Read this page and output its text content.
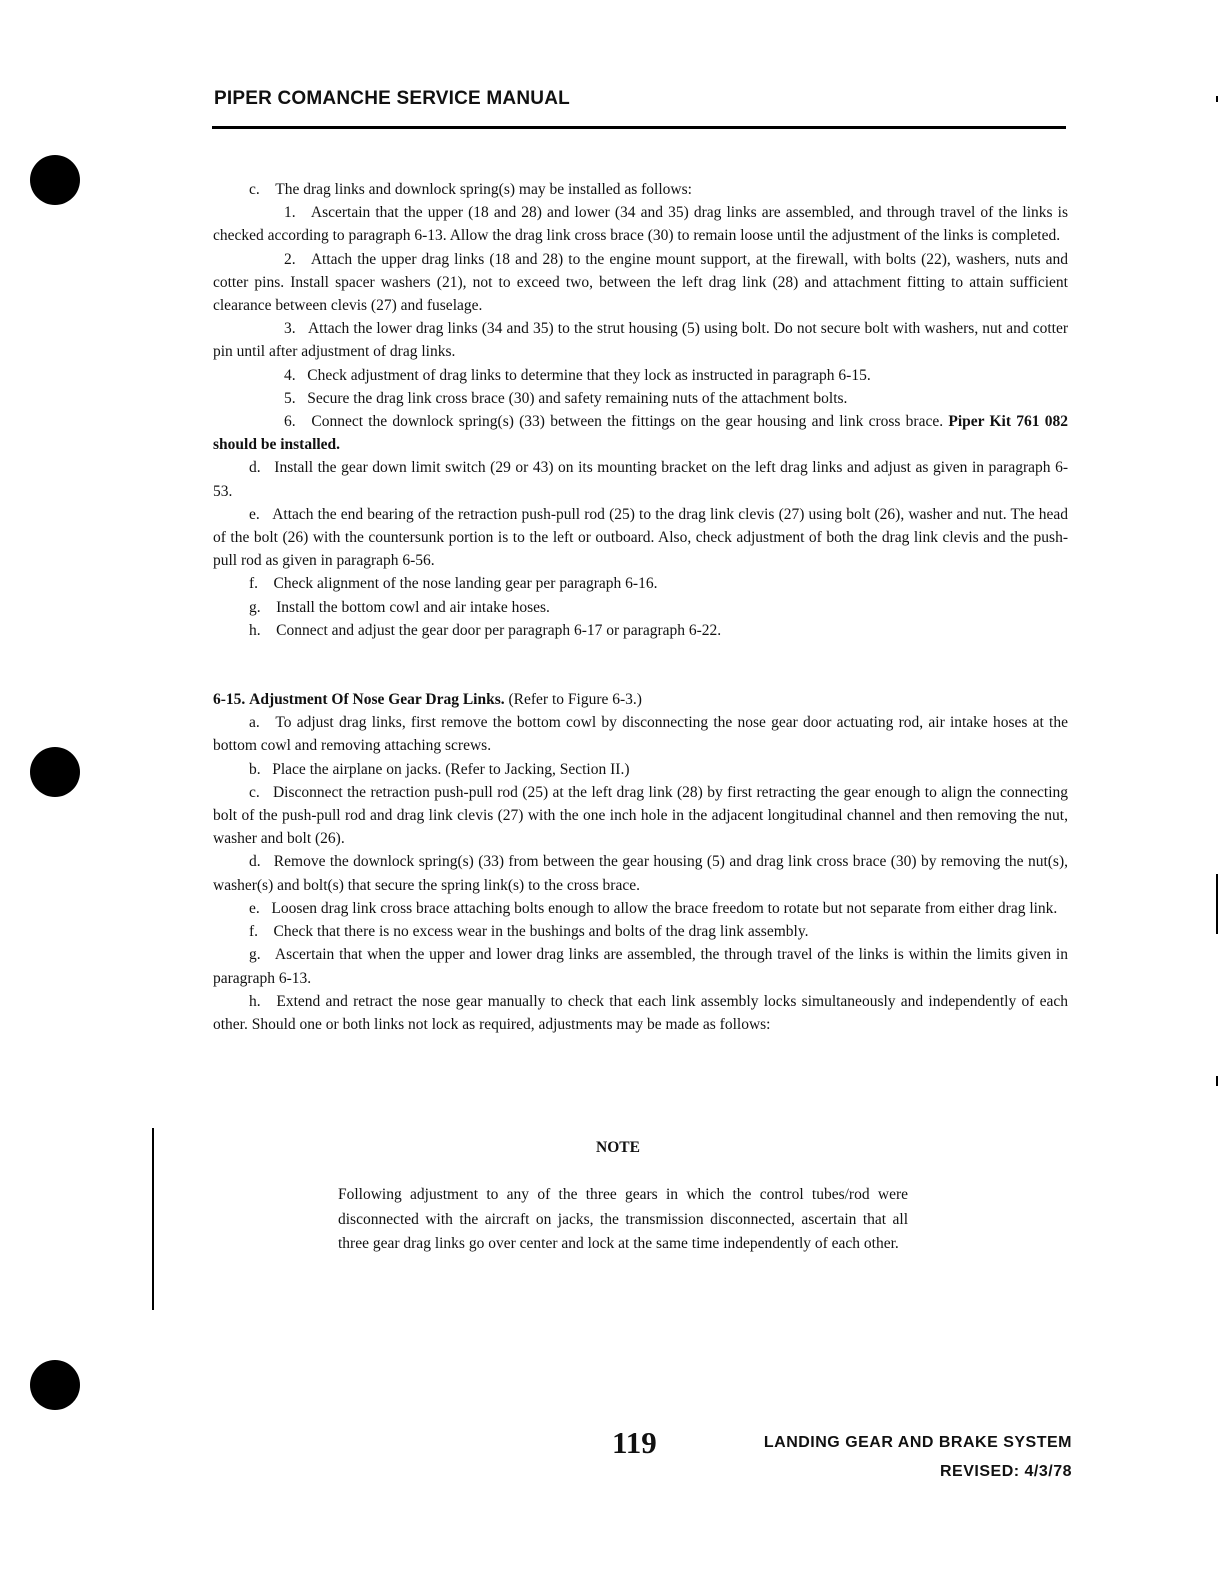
PIPER COMANCHE SERVICE MANUAL

c.    The drag links and downlock spring(s) may be installed as follows:

1.   Ascertain that the upper (18 and 28) and lower (34 and 35) drag links are assembled, and through travel of the links is checked according to paragraph 6-13. Allow the drag link cross brace (30) to remain loose until the adjustment of the links is completed.

2.   Attach the upper drag links (18 and 28) to the engine mount support, at the firewall, with bolts (22), washers, nuts and cotter pins. Install spacer washers (21), not to exceed two, between the left drag link (28) and attachment fitting to attain sufficient clearance between clevis (27) and fuselage.

3.   Attach the lower drag links (34 and 35) to the strut housing (5) using bolt. Do not secure bolt with washers, nut and cotter pin until after adjustment of drag links.

4.   Check adjustment of drag links to determine that they lock as instructed in paragraph 6-15.

5.   Secure the drag link cross brace (30) and safety remaining nuts of the attachment bolts.

6.   Connect the downlock spring(s) (33) between the fittings on the gear housing and link cross brace. Piper Kit 761 082 should be installed.

d.   Install the gear down limit switch (29 or 43) on its mounting bracket on the left drag links and adjust as given in paragraph 6-53.

e.   Attach the end bearing of the retraction push-pull rod (25) to the drag link clevis (27) using bolt (26), washer and nut. The head of the bolt (26) with the countersunk portion is to the left or outboard. Also, check adjustment of both the drag link clevis and the push-pull rod as given in paragraph 6-56.

f.    Check alignment of the nose landing gear per paragraph 6-16.

g.    Install the bottom cowl and air intake hoses.

h.    Connect and adjust the gear door per paragraph 6-17 or paragraph 6-22.

6-15. Adjustment Of Nose Gear Drag Links. (Refer to Figure 6-3.)

a.   To adjust drag links, first remove the bottom cowl by disconnecting the nose gear door actuating rod, air intake hoses at the bottom cowl and removing attaching screws.

b.   Place the airplane on jacks. (Refer to Jacking, Section II.)

c.   Disconnect the retraction push-pull rod (25) at the left drag link (28) by first retracting the gear enough to align the connecting bolt of the push-pull rod and drag link clevis (27) with the one inch hole in the adjacent longitudinal channel and then removing the nut, washer and bolt (26).

d.   Remove the downlock spring(s) (33) from between the gear housing (5) and drag link cross brace (30) by removing the nut(s), washer(s) and bolt(s) that secure the spring link(s) to the cross brace.

e.   Loosen drag link cross brace attaching bolts enough to allow the brace freedom to rotate but not separate from either drag link.

f.    Check that there is no excess wear in the bushings and bolts of the drag link assembly.

g.   Ascertain that when the upper and lower drag links are assembled, the through travel of the links is within the limits given in paragraph 6-13.

h.   Extend and retract the nose gear manually to check that each link assembly locks simultaneously and independently of each other. Should one or both links not lock as required, adjustments may be made as follows:

NOTE
Following adjustment to any of the three gears in which the control tubes/rod were disconnected with the aircraft on jacks, the transmission disconnected, ascertain that all three gear drag links go over center and lock at the same time independently of each other.
119	LANDING GEAR AND BRAKE SYSTEM
REVISED: 4/3/78
